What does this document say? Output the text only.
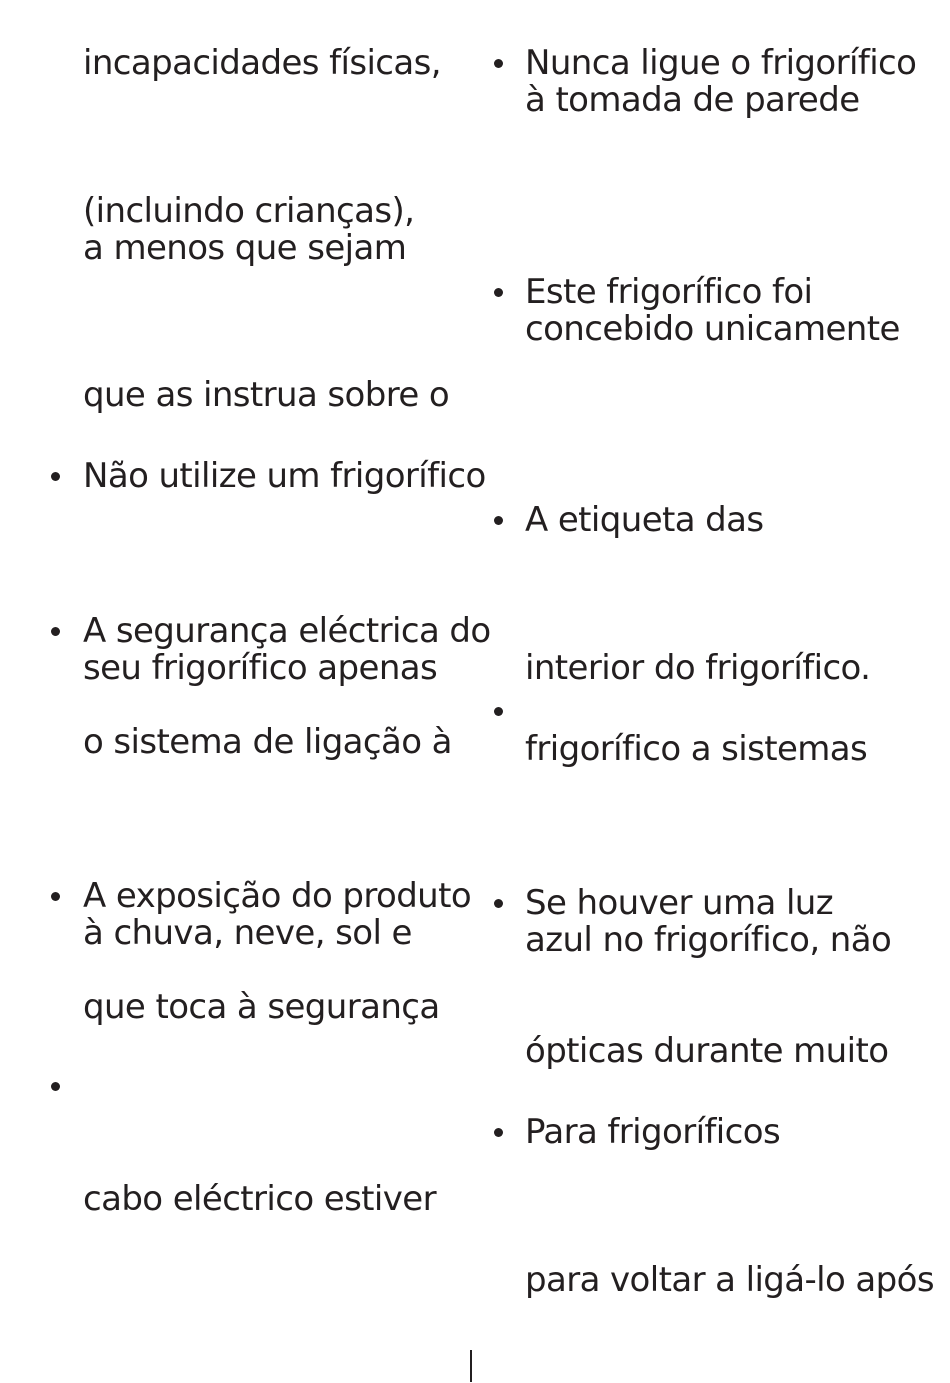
incapacidades físicas,
(incluindo crianças),
a menos que sejam
que as instrua sobre o
Não utilize um frigorífico
A segurança eléctrica do
seu frigorífico apenas
o sistema de ligação à
A exposição do produto
à chuva, neve, sol e
que toca à segurança
cabo eléctrico estiver
Nunca ligue o frigorífico
à tomada de parede
Este frigorífico foi
concebido unicamente
A etiqueta das
interior do frigorífico.
frigorífico a sistemas
Se houver uma luz
azul no frigorífico, não
ópticas durante muito
Para frigoríficos
para voltar a ligá-lo após
